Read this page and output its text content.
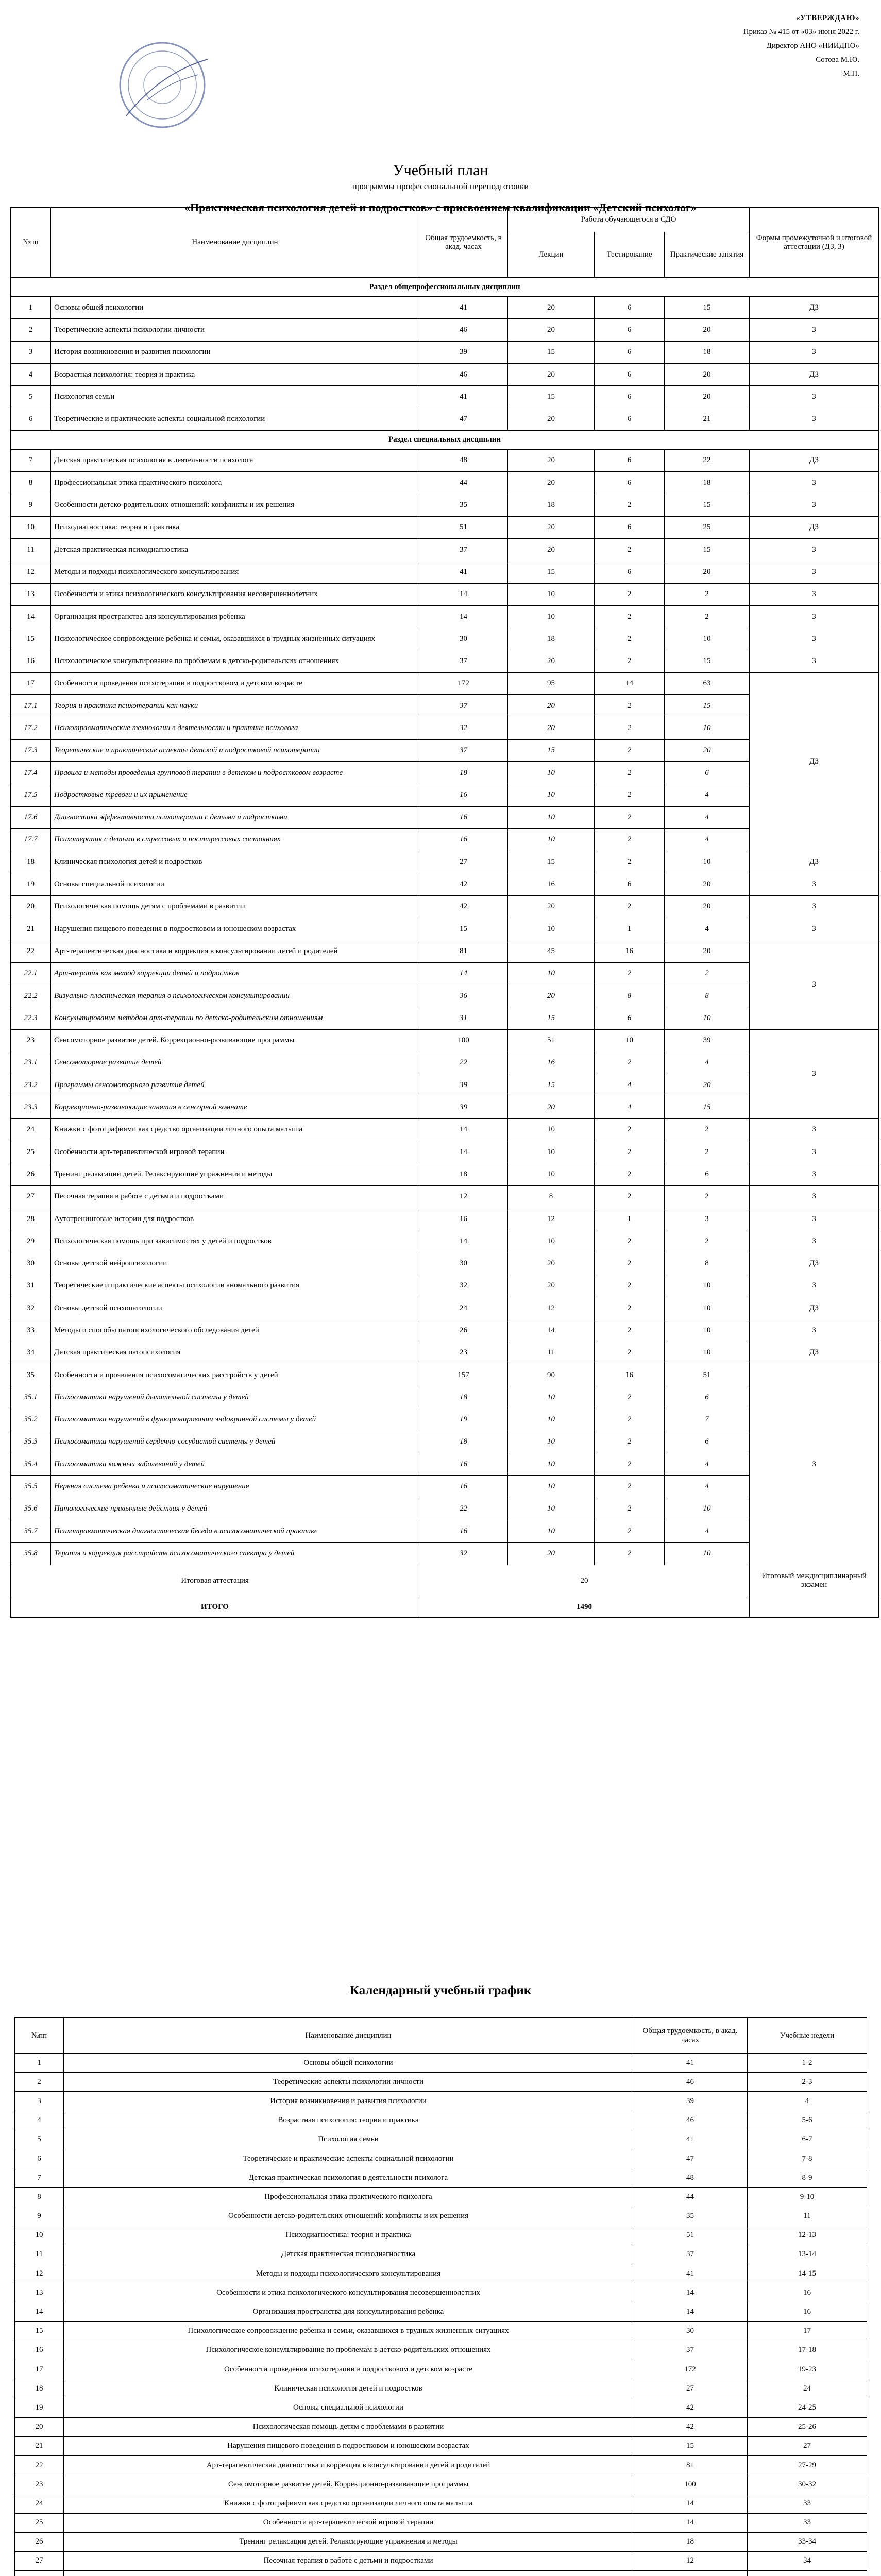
«УТВЕРЖДАЮ»
Приказ № 415 от «03» июня 2022 г.
Директор АНО «НИИДПО»
Сотова М.Ю.
М.П.
Учебный план
программы профессиональной переподготовки
«Практическая психология детей и подростков» с присвоением квалификации «Детский психолог»
№пп	Наименование дисциплин	Общая трудоемкость, в акад. часах	Работа обучающегося в СДО			Формы промежуточной и итоговой аттестации (ДЗ, З)
			Лекции	Тестирование	Практические занятия	
Раздел общепрофессиональных дисциплин						
1	Основы общей психологии	41	20	6	15	ДЗ
2	Теоретические аспекты психологии личности	46	20	6	20	З
3	История возникновения и развития психологии	39	15	6	18	З
4	Возрастная психология: теория и практика	46	20	6	20	ДЗ
5	Психология семьи	41	15	6	20	З
6	Теоретические и практические аспекты социальной психологии	47	20	6	21	З
Раздел специальных дисциплин						
7	Детская практическая психология в деятельности психолога	48	20	6	22	ДЗ
8	Профессиональная этика практического психолога	44	20	6	18	З
9	Особенности детско-родительских отношений: конфликты и их решения	35	18	2	15	З
10	Психодиагностика: теория и практика	51	20	6	25	ДЗ
11	Детская практическая психодиагностика	37	20	2	15	З
12	Методы и подходы психологического консультирования	41	15	6	20	З
13	Особенности и этика психологического консультирования несовершеннолетних	14	10	2	2	З
14	Организация пространства для консультирования ребенка	14	10	2	2	З
15	Психологическое сопровождение ребенка и семьи, оказавшихся в трудных жизненных ситуациях	30	18	2	10	З
16	Психологическое консультирование по проблемам в детско-родительских отношениях	37	20	2	15	З
17	Особенности проведения психотерапии в подростковом и детском возрасте	172	95	14	63	ДЗ
17.1	Теория и практика психотерапии как науки	37	20	2	15	
17.2	Психотравматические технологии в деятельности и практике психолога	32	20	2	10	
17.3	Теоретические и практические аспекты детской и подростковой психотерапии	37	15	2	20	
17.4	Правила и методы проведения групповой терапии в детском и подростковом возрасте	18	10	2	6	
17.5	Подростковые тревоги и их применение	16	10	2	4	
17.6	Диагностика эффективности психотерапии с детьми и подростками	16	10	2	4	
17.7	Психотерапия с детьми в стрессовых и посттрессовых состояниях	16	10	2	4	
18	Клиническая психология детей и подростков	27	15	2	10	ДЗ
19	Основы специальной психологии	42	16	6	20	З
20	Психологическая помощь детям с проблемами в развитии	42	20	2	20	З
21	Нарушения пищевого поведения в подростковом и юношеском возрастах	15	10	1	4	З
22	Арт-терапевтическая диагностика и коррекция в консультировании детей и родителей	81	45	16	20	З
22.1	Арт-терапия как метод коррекции детей и подростков	14	10	2	2	
22.2	Визуально-пластическая терапия в психологическом консультировании	36	20	8	8	
22.3	Консультирование методом арт-терапии по детско-родительским отношениям	31	15	6	10	
23	Сенсомоторное развитие детей. Коррекционно-развивающие программы	100	51	10	39	З
23.1	Сенсомоторное развитие детей	22	16	2	4	
23.2	Программы сенсомоторного развития детей	39	15	4	20	
23.3	Коррекционно-развивающие занятия в сенсорной комнате	39	20	4	15	
24	Книжки с фотографиями как средство организации личного опыта малыша	14	10	2	2	З
25	Особенности арт-терапевтической игровой терапии	14	10	2	2	З
26	Тренинг релаксации детей. Релаксирующие упражнения и методы	18	10	2	6	З
27	Песочная терапия в работе с детьми и подростками	12	8	2	2	З
28	Аутотренинговые истории для подростков	16	12	1	3	З
29	Психологическая помощь при зависимостях у детей и подростков	14	10	2	2	З
30	Основы детской нейропсихологии	30	20	2	8	ДЗ
31	Теоретические и практические аспекты психологии аномального развития	32	20	2	10	З
32	Основы детской психопатологии	24	12	2	10	ДЗ
33	Методы и способы патопсихологического обследования детей	26	14	2	10	З
34	Детская практическая патопсихология	23	11	2	10	ДЗ
35	Особенности и проявления психосоматических расстройств у детей	157	90	16	51	З
35.1	Психосоматика нарушений дыхательной системы у детей	18	10	2	6	
35.2	Психосоматика нарушений в функционировании эндокринной системы у детей	19	10	2	7	
35.3	Психосоматика нарушений сердечно-сосудистой системы у детей	18	10	2	6	
35.4	Психосоматика кожных заболеваний у детей	16	10	2	4	
35.5	Нервная система ребенка и психосоматические нарушения	16	10	2	4	
35.6	Патологические привычные действия у детей	22	10	2	10	
35.7	Психотравматическая диагностическая беседа в психосоматической практике	16	10	2	4	
35.8	Терапия и коррекция расстройств психосоматического спектра у детей	32	20	2	10	
Итоговая аттестация		20				Итоговый междисциплинарный экзамен
ИТОГО		1490				
Календарный учебный график
№пп	Наименование дисциплин	Общая трудоемкость, в акад. часах	Учебные недели
1	Основы общей психологии	41	1-2
2	Теоретические аспекты психологии личности	46	2-3
3	История возникновения и развития психологии	39	4
4	Возрастная психология: теория и практика	46	5-6
5	Психология семьи	41	6-7
6	Теоретические и практические аспекты социальной психологии	47	7-8
7	Детская практическая психология в деятельности психолога	48	8-9
8	Профессиональная этика практического психолога	44	9-10
9	Особенности детско-родительских отношений: конфликты и их решения	35	11
10	Психодиагностика: теория и практика	51	12-13
11	Детская практическая психодиагностика	37	13-14
12	Методы и подходы психологического консультирования	41	14-15
13	Особенности и этика психологического консультирования несовершеннолетних	14	16
14	Организация пространства для консультирования ребенка	14	16
15	Психологическое сопровождение ребенка и семьи, оказавшихся в трудных жизненных ситуациях	30	17
16	Психологическое консультирование по проблемам в детско-родительских отношениях	37	17-18
17	Особенности проведения психотерапии в подростковом и детском возрасте	172	19-23
18	Клиническая психология детей и подростков	27	24
19	Основы специальной психологии	42	24-25
20	Психологическая помощь детям с проблемами в развитии	42	25-26
21	Нарушения пищевого поведения в подростковом и юношеском возрастах	15	27
22	Арт-терапевтическая диагностика и коррекция в консультировании детей и родителей	81	27-29
23	Сенсомоторное развитие детей. Коррекционно-развивающие программы	100	30-32
24	Книжки с фотографиями как средство организации личного опыта малыша	14	33
25	Особенности арт-терапевтической игровой терапии	14	33
26	Тренинг релаксации детей. Релаксирующие упражнения и методы	18	33-34
27	Песочная терапия в работе с детьми и подростками	12	34
